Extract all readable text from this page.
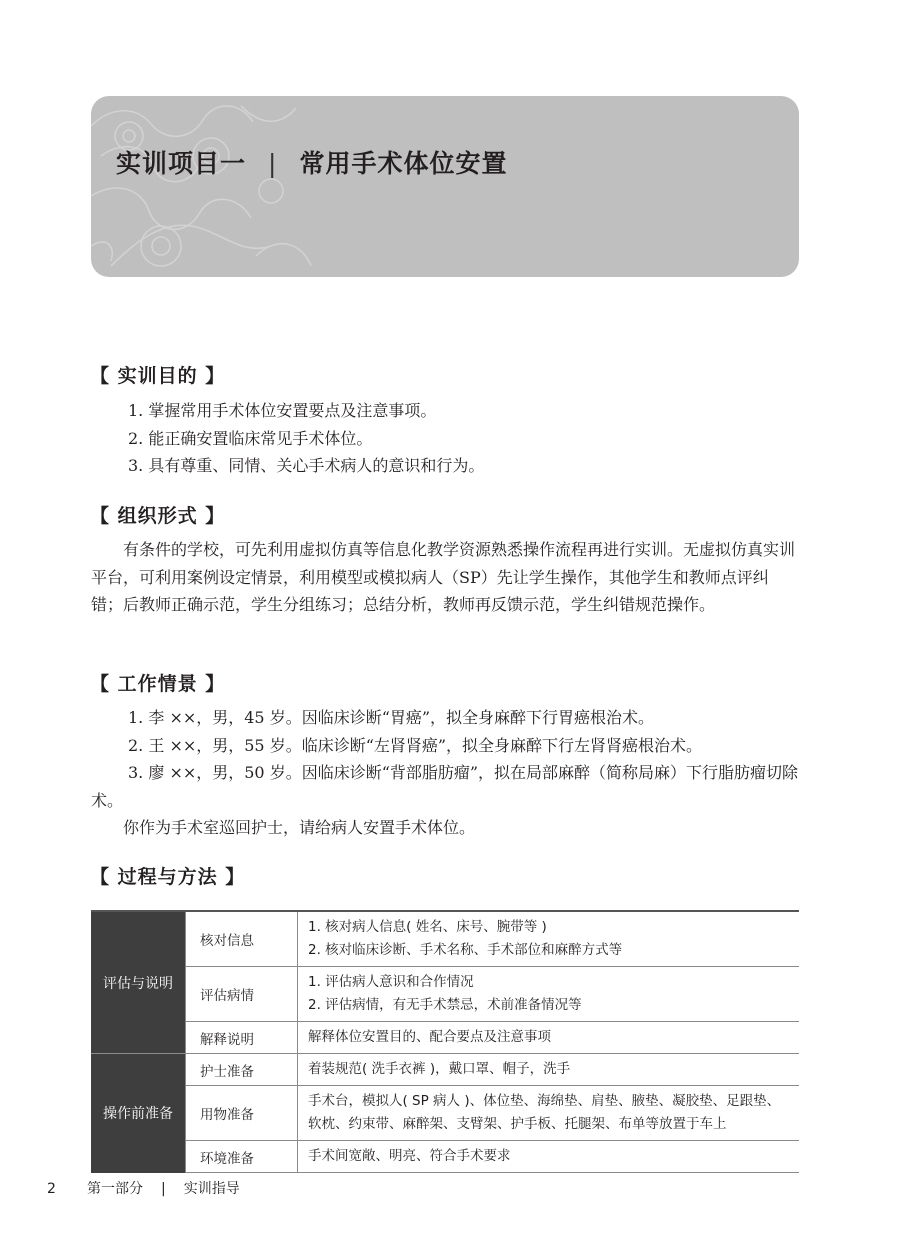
实训项目一 | 常用手术体位安置
【 实训目的 】

1. 掌握常用手术体位安置要点及注意事项。

2. 能正确安置临床常见手术体位。

3. 具有尊重、同情、关心手术病人的意识和行为。

【 组织形式 】

有条件的学校，可先利用虚拟仿真等信息化教学资源熟悉操作流程再进行实训。无虚拟仿真实训平台，可利用案例设定情景，利用模型或模拟病人（SP）先让学生操作，其他学生和教师点评纠错；后教师正确示范，学生分组练习；总结分析，教师再反馈示范，学生纠错规范操作。

【 工作情景 】

1. 李 ××，男，45 岁。因临床诊断“胃癌”，拟全身麻醉下行胃癌根治术。

2. 王 ××，男，55 岁。临床诊断“左肾肾癌”，拟全身麻醉下行左肾肾癌根治术。

3. 廖 ××，男，50 岁。因临床诊断“背部脂肪瘤”，拟在局部麻醉（简称局麻）下行脂肪瘤切除术。

你作为手术室巡回护士，请给病人安置手术体位。

【 过程与方法 】
评估与说明	核对信息	1. 核对病人信息( 姓名、床号、腕带等 )
2. 核对临床诊断、手术名称、手术部位和麻醉方式等

	评估病情	1. 评估病人意识和合作情况
2. 评估病情，有无手术禁忌，术前准备情况等

	解释说明	解释体位安置目的、配合要点及注意事项

操作前准备	护士准备	着装规范( 洗手衣裤 )，戴口罩、帽子，洗手

	用物准备	手术台，模拟人( SP 病人 )、体位垫、海绵垫、肩垫、腋垫、凝胶垫、足跟垫、软枕、约束带、麻醉架、支臂架、护手板、托腿架、布单等放置于车上

	环境准备	手术间宽敞、明亮、符合手术要求
2 第一部分 | 实训指导
